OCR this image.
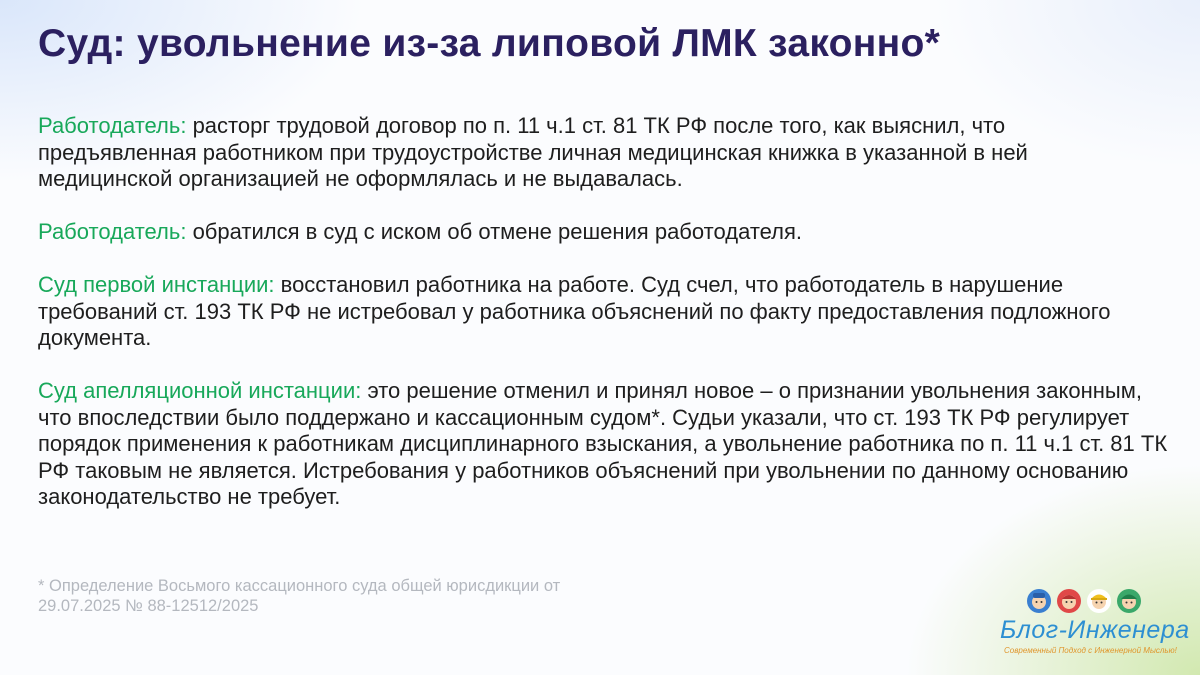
Суд: увольнение из-за липовой ЛМК законно*

Работодатель: расторг трудовой договор по п. 11 ч.1 ст. 81 ТК РФ после того, как выяснил, что предъявленная работником при трудоустройстве личная медицинская книжка в указанной в ней медицинской организацией не оформлялась и не выдавалась.

Работодатель: обратился в суд с иском об отмене решения работодателя.

Суд первой инстанции: восстановил работника на работе. Суд счел, что работодатель в нарушение требований ст. 193 ТК РФ не истребовал у работника объяснений по факту предоставления подложного документа.

Суд апелляционной инстанции: это решение отменил и принял новое – о признании увольнения законным, что впоследствии было поддержано и кассационным судом*. Судьи указали, что ст. 193 ТК РФ регулирует порядок применения к работникам дисциплинарного взыскания, а увольнение работника по п. 11 ч.1 ст. 81 ТК РФ таковым не является. Истребования у работников объяснений при увольнении по данному основанию законодательство не требует.

* Определение Восьмого кассационного суда общей юрисдикции от
29.07.2025 № 88-12512/2025
Блог-Инженера
Современный Подход с Инженерной Мыслью!
